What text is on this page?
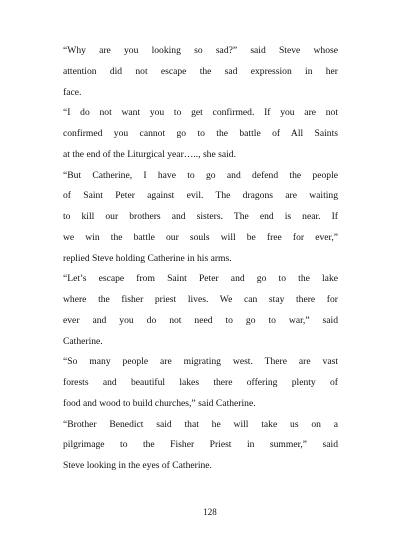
“Why are you looking so sad?” said Steve whose
attention did not escape the sad expression in her
face.
“I do not want you to get confirmed. If you are not
confirmed you cannot go to the battle of All Saints
at the end of the Liturgical year….., she said.
“But Catherine, I have to go and defend the people
of Saint Peter against evil. The dragons are waiting
to kill our brothers and sisters. The end is near. If
we win the battle our souls will be free for ever,”
replied Steve holding Catherine in his arms.
“Let’s escape from Saint Peter and go to the lake
where the fisher priest lives. We can stay there for
ever and you do not need to go to war,” said
Catherine.
“So many people are migrating west. There are vast
forests and beautiful lakes there offering plenty of
food and wood to build churches,” said Catherine.
“Brother Benedict said that he will take us on a
pilgrimage to the Fisher Priest in summer,” said
Steve looking in the eyes of Catherine.
128
